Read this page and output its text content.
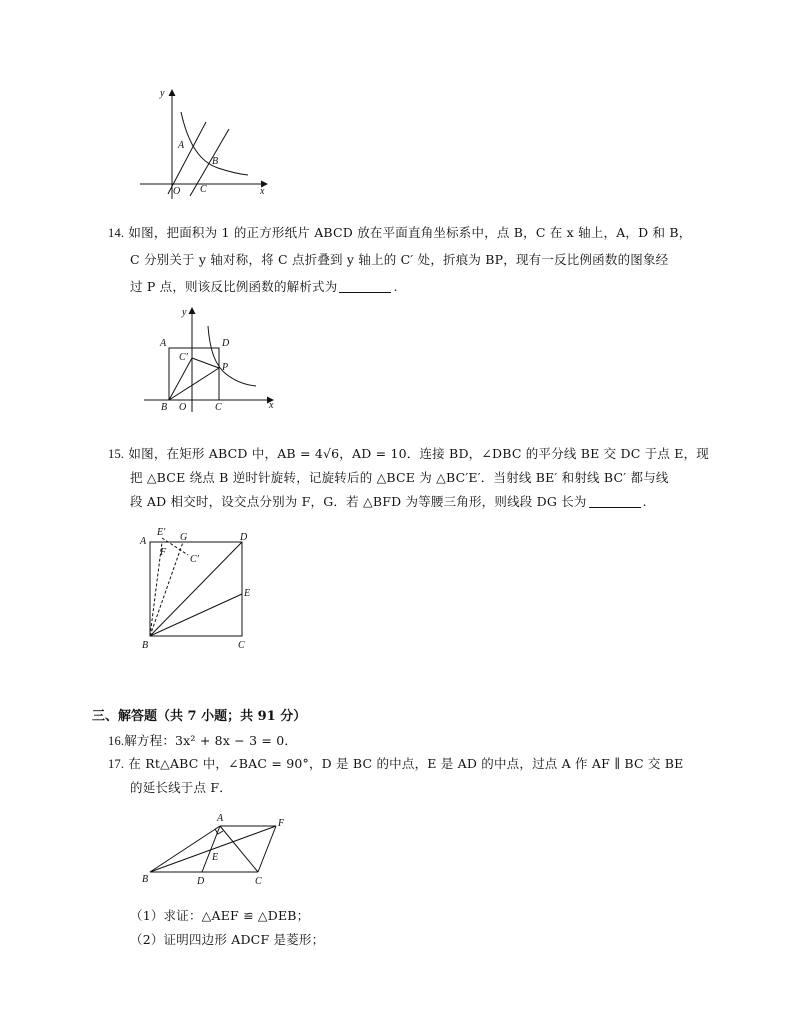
y
x
A
B
O C
14. 如图，把面积为 1 的正方形纸片 ABCD 放在平面直角坐标系中，点 B，C 在 x 轴上，A，D 和 B，
C 分别关于 y 轴对称，将 C 点折叠到 y 轴上的 C′ 处，折痕为 BP，现有一反比例函数的图象经
过 P 点，则该反比例函数的解析式为	.
y
A	D
C′
P
B O	C	x
15. 如图，在矩形 ABCD 中，AB = 4√6，AD = 10．连接 BD，∠DBC 的平分线 BE 交 DC 于点 E，现
把 △BCE 绕点 B 逆时针旋转，记旋转后的 △BCE 为 △BC′E′．当射线 BE′ 和射线 BC′ 都与线
段 AD 相交时，设交点分别为 F，G．若 △BFD 为等腰三角形，则线段 DG 长为	.
E′
A	G	D
F
C′
E
B	C
三、解答题（共 7 小题；共 91 分）
16.解方程：3x² + 8x − 3 = 0．
17. 在 Rt△ABC 中，∠BAC = 90°，D 是 BC 的中点，E 是 AD 的中点，过点 A 作 AF ∥ BC 交 BE
的延长线于点 F．
A	F
E
B	D	C
（1）求证：△AEF ≌ △DEB；
（2）证明四边形 ADCF 是菱形；
